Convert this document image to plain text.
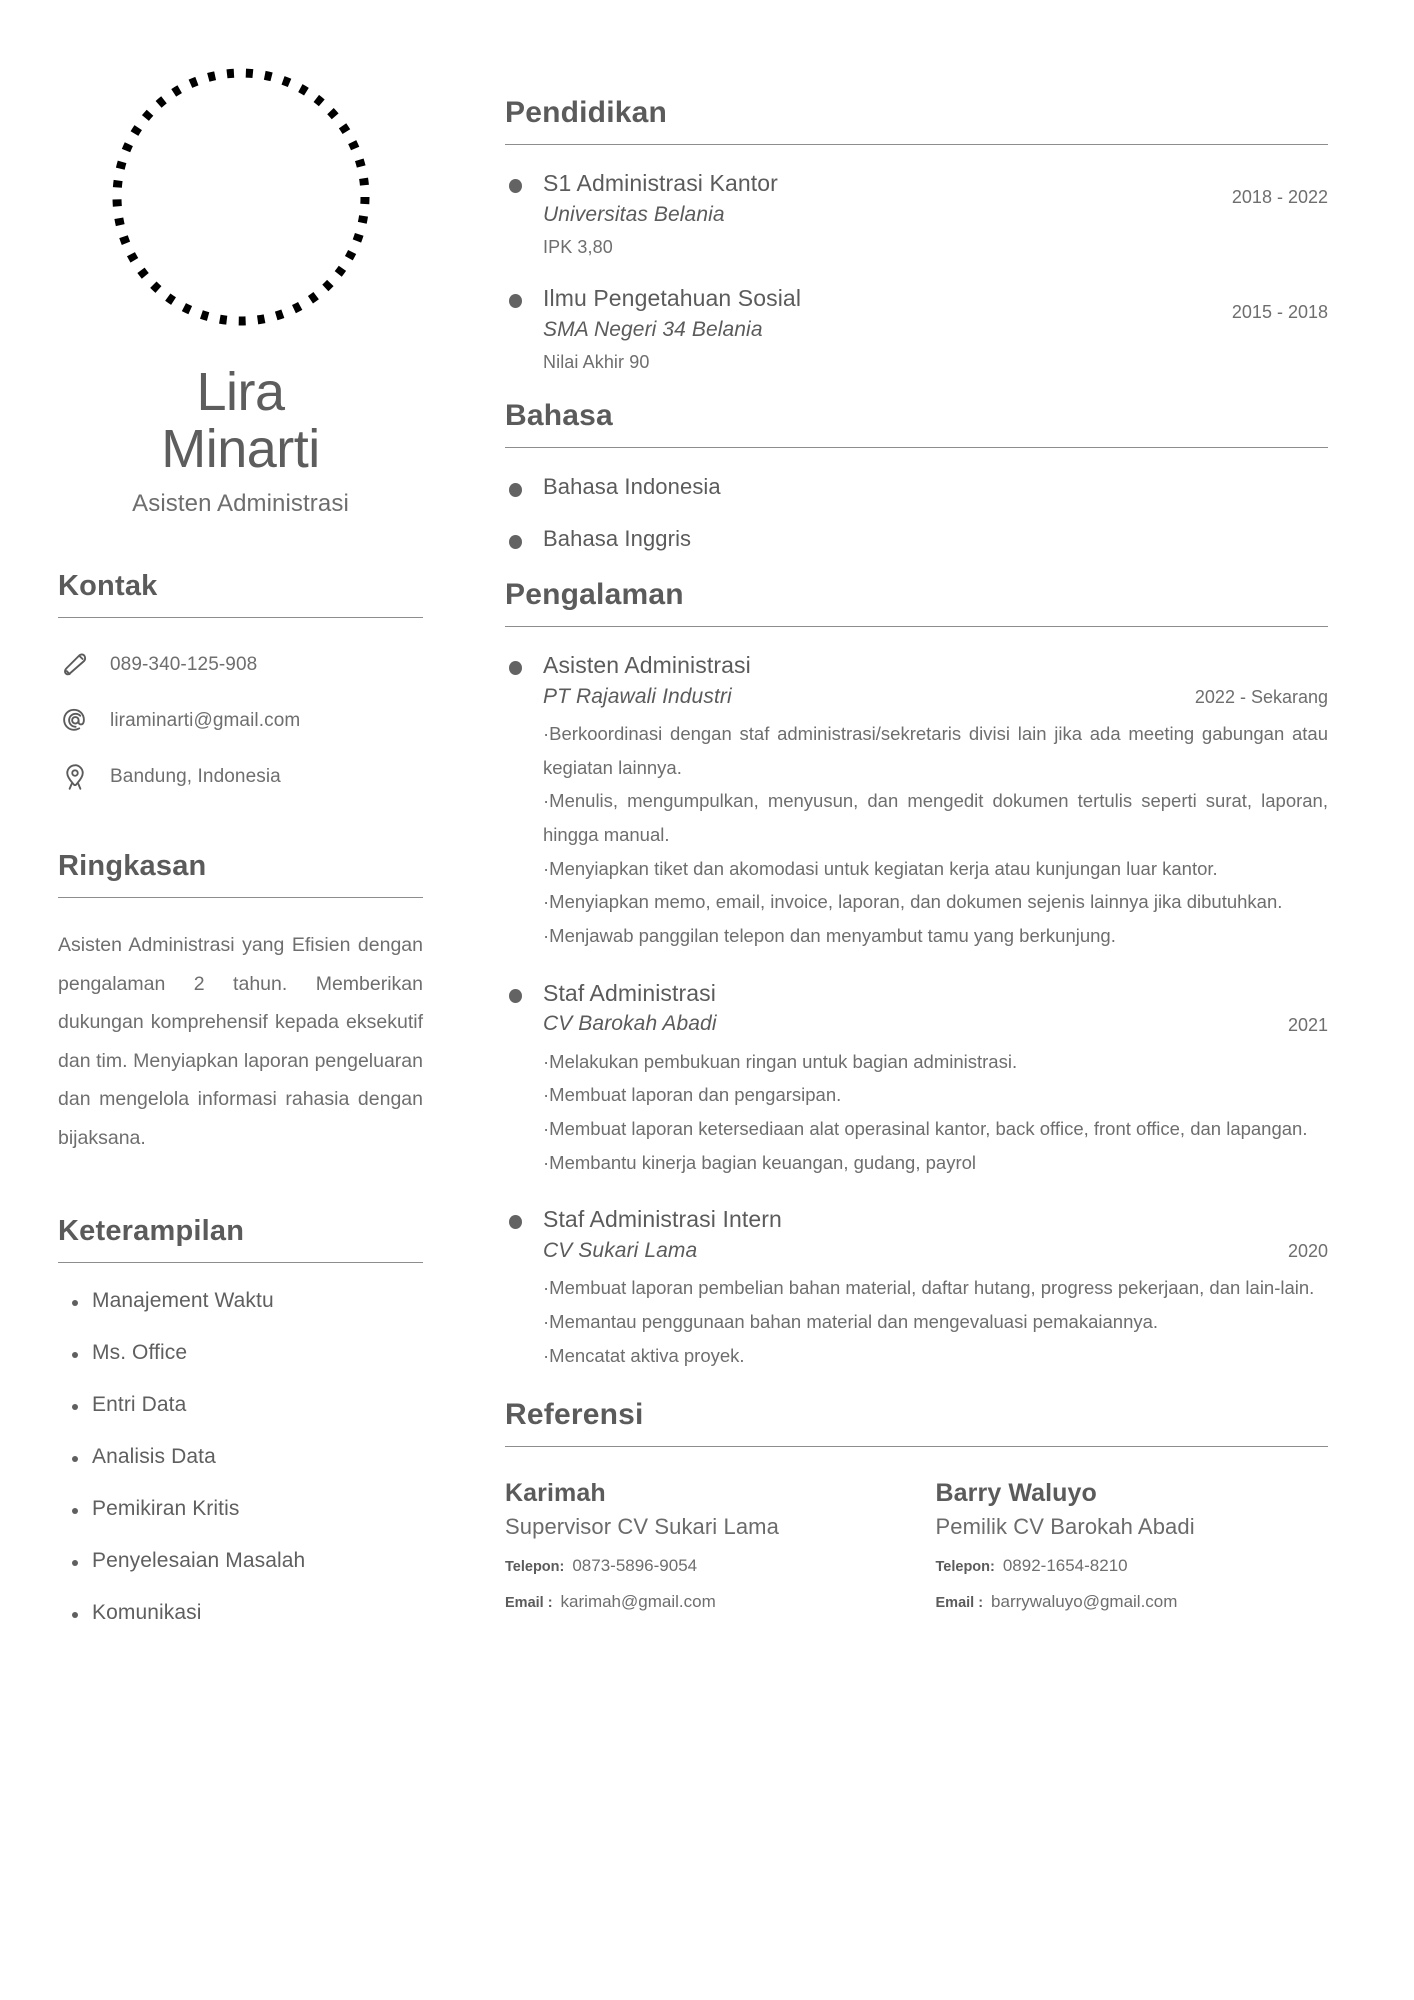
Lira
Minarti
Asisten Administrasi
Kontak
089-340-125-908
liraminarti@gmail.com
Bandung, Indonesia
Ringkasan

Asisten Administrasi yang Efisien dengan pengalaman 2 tahun. Memberikan dukungan komprehensif kepada eksekutif dan tim. Menyiapkan laporan pengeluaran dan mengelola informasi rahasia dengan bijaksana.

Keterampilan
Manajement Waktu
Ms. Office
Entri Data
Analisis Data
Pemikiran Kritis
Penyelesaian Masalah
Komunikasi
Pendidikan
S1 Administrasi Kantor
Universitas Belania
2018 - 2022
IPK 3,80
Ilmu Pengetahuan Sosial
SMA Negeri 34 Belania
2015 - 2018
Nilai Akhir 90
Bahasa
Bahasa Indonesia
Bahasa Inggris
Pengalaman
Asisten Administrasi
PT Rajawali Industri	2022 - Sekarang

· Berkoordinasi dengan staf administrasi/sekretaris divisi lain jika ada meeting gabungan atau kegiatan lainnya.

· Menulis, mengumpulkan, menyusun, dan mengedit dokumen tertulis seperti surat, laporan, hingga manual.

· Menyiapkan tiket dan akomodasi untuk kegiatan kerja atau kunjungan luar kantor.

· Menyiapkan memo, email, invoice, laporan, dan dokumen sejenis lainnya jika dibutuhkan.

· Menjawab panggilan telepon dan menyambut tamu yang berkunjung.

Staf Administrasi
CV Barokah Abadi	2021

· Melakukan pembukuan ringan untuk bagian administrasi.

· Membuat laporan dan pengarsipan.

· Membuat laporan ketersediaan alat operasinal kantor, back office, front office, dan lapangan.

· Membantu kinerja bagian keuangan, gudang, payrol

Staf Administrasi Intern
CV Sukari Lama	2020

· Membuat laporan pembelian bahan material, daftar hutang, progress pekerjaan, dan lain-lain.

· Memantau penggunaan bahan material dan mengevaluasi pemakaiannya.

· Mencatat aktiva proyek.

Referensi
Karimah
Supervisor CV Sukari Lama
Telepon: 0873-5896-9054
Email : karimah@gmail.com
Barry Waluyo
Pemilik CV Barokah Abadi
Telepon: 0892-1654-8210
Email : barrywaluyo@gmail.com
